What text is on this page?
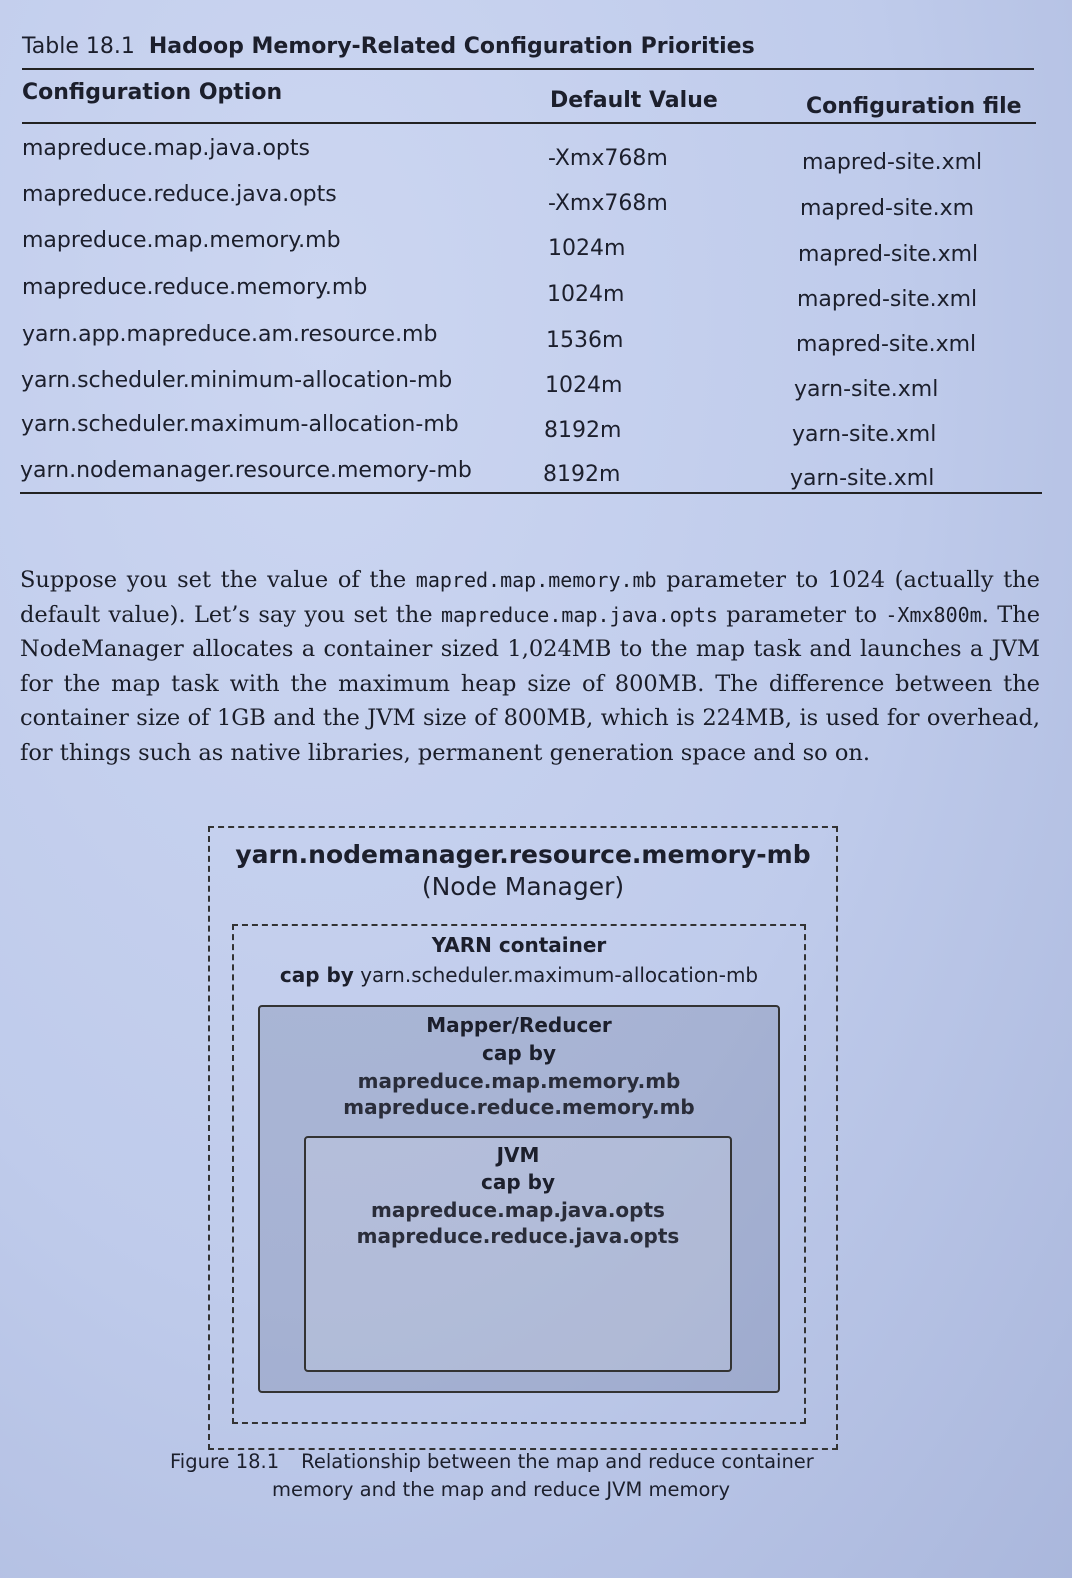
Table 18.1 Hadoop Memory-Related Configuration Priorities
Configuration Option	Default Value	Configuration file
mapreduce.map.java.opts	-Xmx768m	mapred-site.xml
mapreduce.reduce.java.opts	-Xmx768m	mapred-site.xm
mapreduce.map.memory.mb	1024m	mapred-site.xml
mapreduce.reduce.memory.mb	1024m	mapred-site.xml
yarn.app.mapreduce.am.resource.mb	1536m	mapred-site.xml
yarn.scheduler.minimum-allocation-mb	1024m	yarn-site.xml
yarn.scheduler.maximum-allocation-mb	8192m	yarn-site.xml
yarn.nodemanager.resource.memory-mb	8192m	yarn-site.xml
Suppose you set the value of the mapred.map.memory.mb parameter to 1024 (actually the default value). Let’s say you set the mapreduce.map.java.opts parameter to -Xmx800m. The NodeManager allocates a container sized 1,024MB to the map task and launches a JVM for the map task with the maximum heap size of 800MB. The difference between the container size of 1GB and the JVM size of 800MB, which is 224MB, is used for overhead, for things such as native libraries, permanent generation space and so on.
yarn.nodemanager.resource.memory-mb
(Node Manager)
YARN container
cap by yarn.scheduler.maximum-allocation-mb
Mapper/Reducer
cap by
mapreduce.map.memory.mb
mapreduce.reduce.memory.mb
JVM
cap by
mapreduce.map.java.opts
mapreduce.reduce.java.opts
Figure 18.1 Relationship between the map and reduce container
memory and the map and reduce JVM memory
